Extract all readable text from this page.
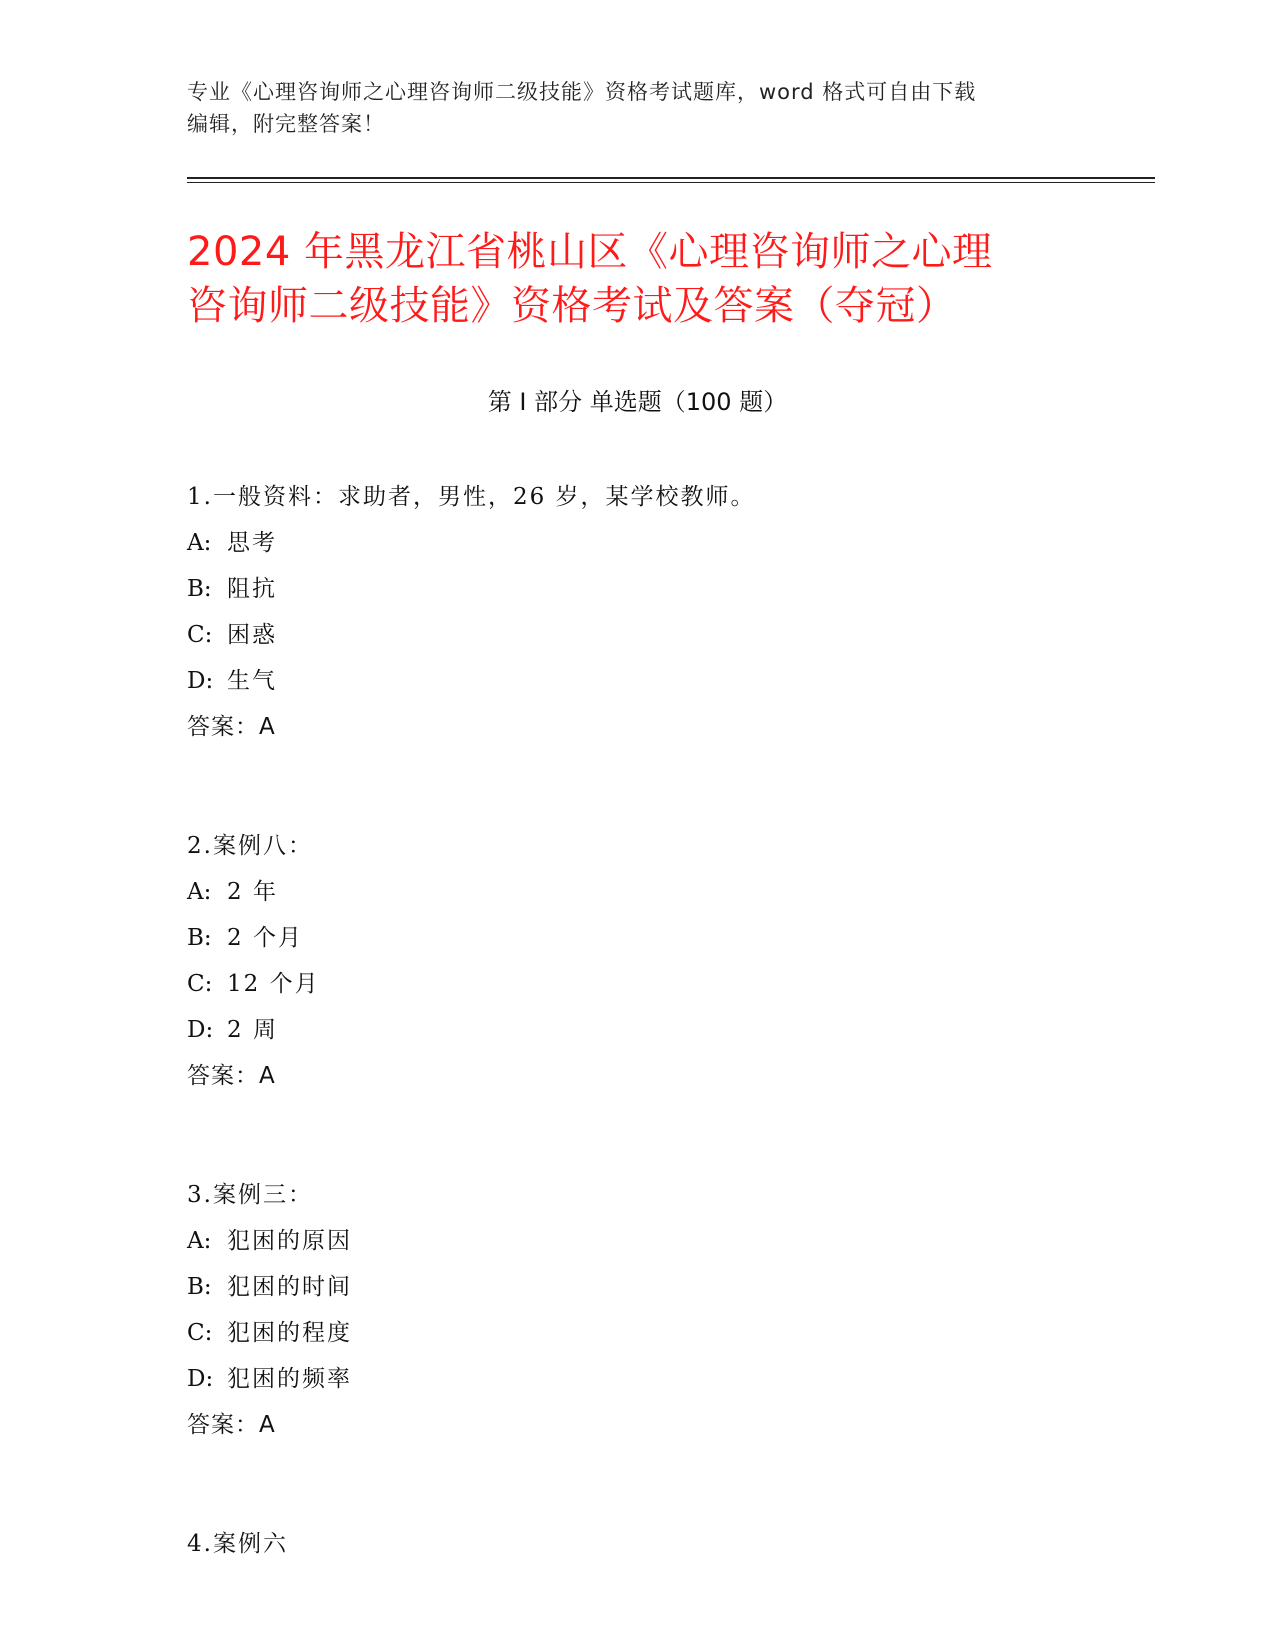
专业《心理咨询师之心理咨询师二级技能》资格考试题库，word 格式可自由下载
编辑，附完整答案！
2024 年黑龙江省桃山区《心理咨询师之心理
咨询师二级技能》资格考试及答案（夺冠）
第 I 部分 单选题（100 题）
1.一般资料：求助者，男性，26 岁，某学校教师。
A: 思考
B: 阻抗
C: 困惑
D: 生气
答案：A
2.案例八：
A: 2 年
B: 2 个月
C: 12 个月
D: 2 周
答案：A
3.案例三：
A: 犯困的原因
B: 犯困的时间
C: 犯困的程度
D: 犯困的频率
答案：A
4.案例六
